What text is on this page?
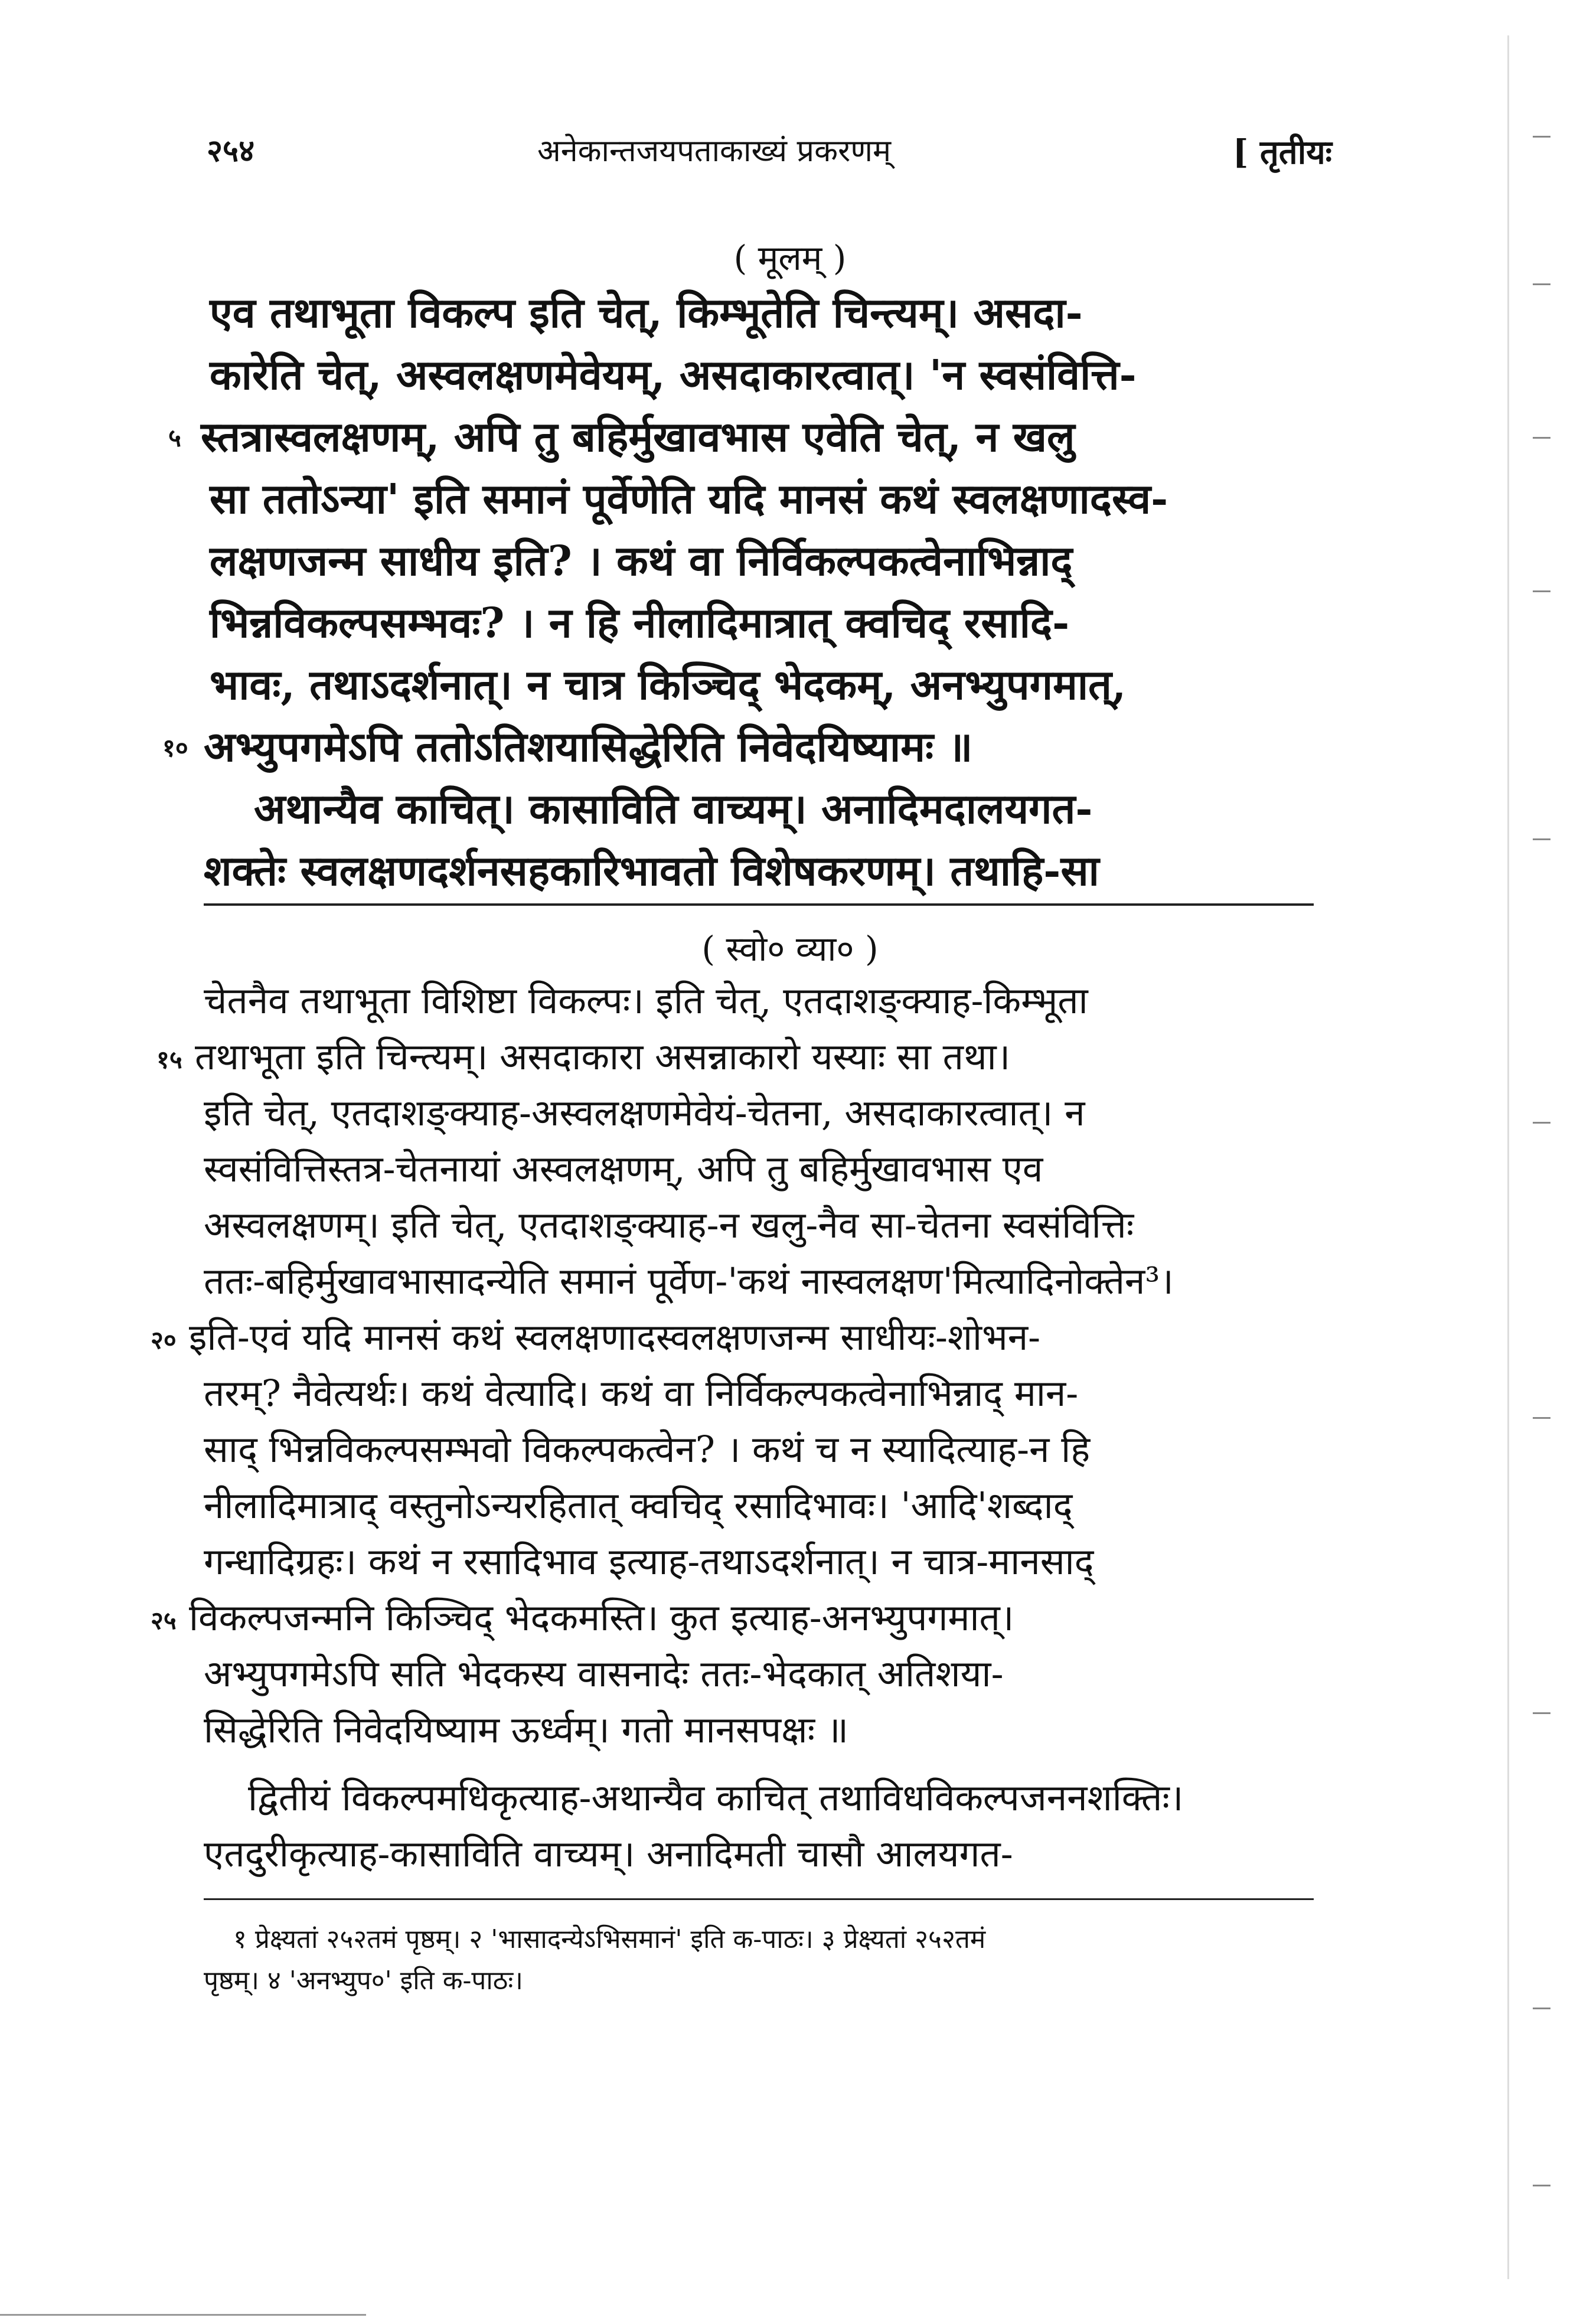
२५४	अनेकान्तजयपताकाख्यं प्रकरणम्	[ तृतीयः
( मूलम् )
एव तथाभूता विकल्प इति चेत्, किम्भूतेति चिन्त्यम्। असदा-
कारेति चेत्, अस्वलक्षणमेवेयम्, असदाकारत्वात्। 'न स्वसंवित्ति-
५ स्तत्रास्वलक्षणम्, अपि तु बहिर्मुखावभास एवेति चेत्, न खलु
सा ततोऽन्या' इति समानं पूर्वेणेति यदि मानसं कथं स्वलक्षणादस्व-
लक्षणजन्म साधीय इति? । कथं वा निर्विकल्पकत्वेनाभिन्नाद्
भिन्नविकल्पसम्भवः? । न हि नीलादिमात्रात् क्वचिद् रसादि-
भावः, तथाऽदर्शनात्। न चात्र किञ्चिद् भेदकम्, अनभ्युपगमात्,
१० अभ्युपगमेऽपि ततोऽतिशयासिद्धेरिति निवेदयिष्यामः ॥
अथान्यैव काचित्। कासाविति वाच्यम्। अनादिमदालयगत-
शक्तेः स्वलक्षणदर्शनसहकारिभावतो विशेषकरणम्। तथाहि-सा
( स्वो० व्या० )
चेतनैव तथाभूता विशिष्टा विकल्पः। इति चेत्, एतदाशङ्क्याह-किम्भूता
१५ तथाभूता इति चिन्त्यम्। असदाकारा असन्नाकारो यस्याः सा तथा।
इति चेत्, एतदाशङ्क्याह-अस्वलक्षणमेवेयं-चेतना, असदाकारत्वात्। न
स्वसंवित्तिस्तत्र-चेतनायां अस्वलक्षणम्, अपि तु बहिर्मुखावभास एव
अस्वलक्षणम्। इति चेत्, एतदाशङ्क्याह-न खलु-नैव सा-चेतना स्वसंवित्तिः
ततः-बहिर्मुखावभासादन्येति समानं पूर्वेण-'कथं नास्वलक्षण'मित्यादिनोक्तेन³।
२० इति-एवं यदि मानसं कथं स्वलक्षणादस्वलक्षणजन्म साधीयः-शोभन-
तरम्? नैवेत्यर्थः। कथं वेत्यादि। कथं वा निर्विकल्पकत्वेनाभिन्नाद् मान-
साद् भिन्नविकल्पसम्भवो विकल्पकत्वेन? । कथं च न स्यादित्याह-न हि
नीलादिमात्राद् वस्तुनोऽन्यरहितात् क्वचिद् रसादिभावः। 'आदि'शब्दाद्
गन्धादिग्रहः। कथं न रसादिभाव इत्याह-तथाऽदर्शनात्। न चात्र-मानसाद्
२५ विकल्पजन्मनि किञ्चिद् भेदकमस्ति। कुत इत्याह-अनभ्युपगमात्।
अभ्युपगमेऽपि सति भेदकस्य वासनादेः ततः-भेदकात् अतिशया-
सिद्धेरिति निवेदयिष्याम ऊर्ध्वम्। गतो मानसपक्षः ॥
द्वितीयं विकल्पमधिकृत्याह-अथान्यैव काचित् तथाविधविकल्पजननशक्तिः।
एतदुरीकृत्याह-कासाविति वाच्यम्। अनादिमती चासौ आलयगत-
१ प्रेक्ष्यतां २५२तमं पृष्ठम्। २ 'भासादन्येऽभिसमानं' इति क-पाठः। ३ प्रेक्ष्यतां २५२तमं
पृष्ठम्। ४ 'अनभ्युप०' इति क-पाठः।
